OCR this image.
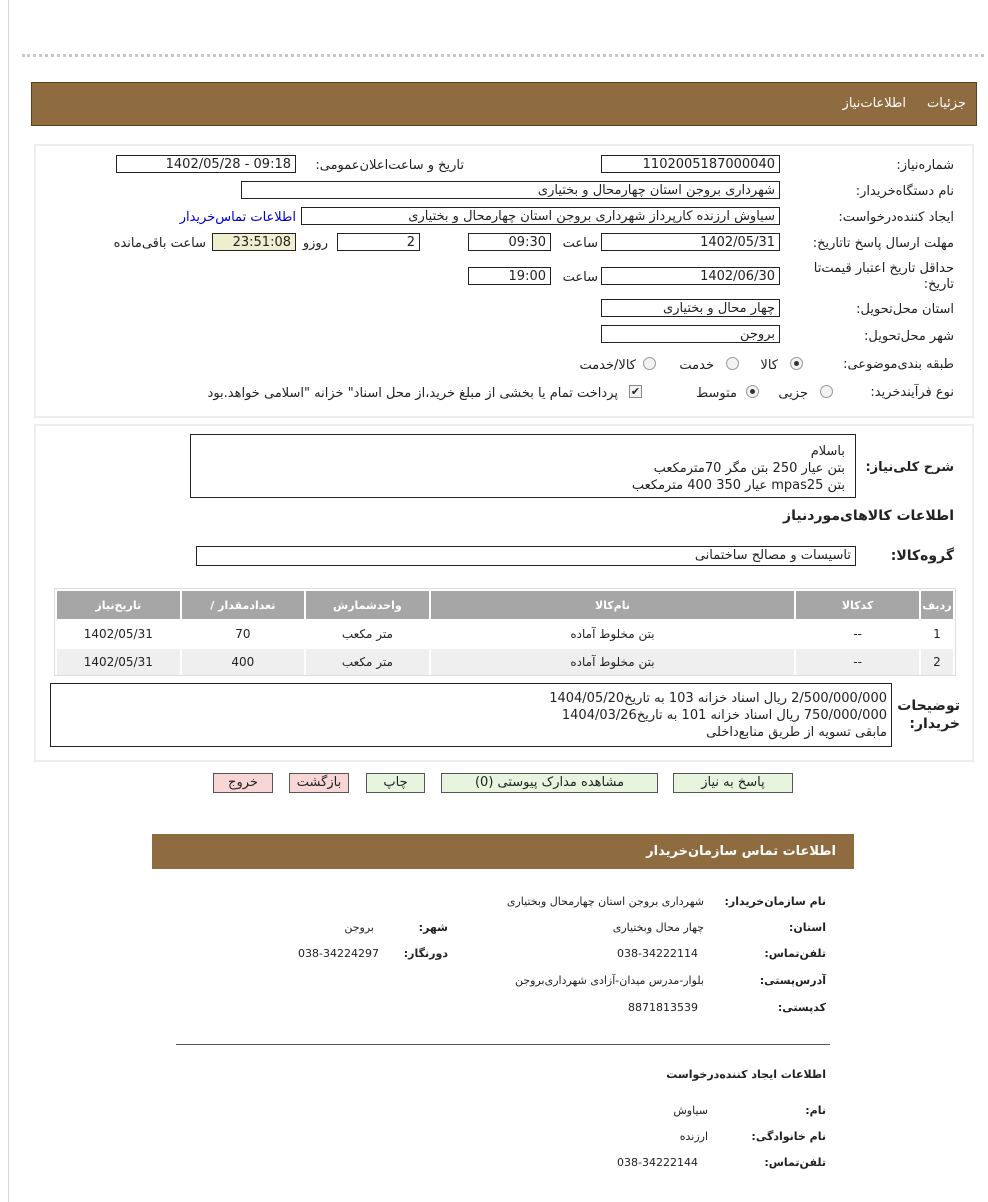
جزئیات
اطلاعات‌نیاز
شماره‌نیاز:
1102005187000040
تاریخ و ساعت‌اعلان‌عمومی:
1402/05/28 - 09:18
نام دستگاه‌خریدار:
شهرداری بروجن استان چهارمحال و بختیاری
ایجاد کننده‌درخواست:
سیاوش ارزنده کارپرداز شهرداری بروجن استان چهارمحال و بختیاری
اطلاعات تماس‌خریدار
مهلت ارسال پاسخ تا‌تاریخ:
1402/05/31
ساعت
09:30
2
روزو
23:51:08
ساعت باقی‌مانده
حداقل تاریخ اعتبار قیمت‌تا
تاریخ:
1402/06/30
ساعت
19:00
استان محل‌تحویل:
چهار محال و بختیاری
شهر محل‌تحویل:
بروجن
طبقه بندی‌موضوعی:
کالا
خدمت
کالا/خدمت
نوع فرآیند‌خرید:
جزیی
متوسط
✔
پرداخت تمام یا بخشی از مبلغ خرید،از محل اسناد" خزانه "اسلامی خواهد.بود
شرح کلی‌نیاز:
باسلام
بتن عیار 250 بتن مگر 70مترمکعب
بتن mpas25 عیار 350 400 مترمکعب
اطلاعات کالاهای‌موردنیاز
گروه‌کالا:
تاسیسات و مصالح ساختمانی
ردیف	کدکالا	نام‌کالا	واحدشمارش	تعدادمقدار /	تاریخ‌نیاز
1	--	بتن مخلوط آماده	متر مکعب	70	1402/05/31
2	--	بتن مخلوط آماده	متر مکعب	400	1402/05/31
توضیحات
خریدار:
2/500/000/000 ریال اسناد خزانه 103 به تاریخ1404/05/20
750/000/000 ریال اسناد خزانه 101 به تاریخ1404/03/26
مابقی تسویه از طریق منابع‌داخلی
پاسخ به نیاز
مشاهده مدارک پیوستی (0)
چاپ
بازگشت
خروج
اطلاعات تماس سازمان‌خریدار
نام سازمان‌خریدار:
شهرداری بروجن استان چهارمحال وبختیاری
استان:
چهار محال وبختیاری
شهر:
بروجن
تلفن‌تماس:
038-34222114
دورنگار:
038-34224297
آدرس‌پستی:
بلوار-مدرس میدان-آزادی شهرداری‌بروجن
کدپستی:
8871813539
اطلاعات ایجاد کننده‌درخواست
نام:
سیاوش
نام خانوادگی:
ارزنده
تلفن‌تماس:
038-34222144
